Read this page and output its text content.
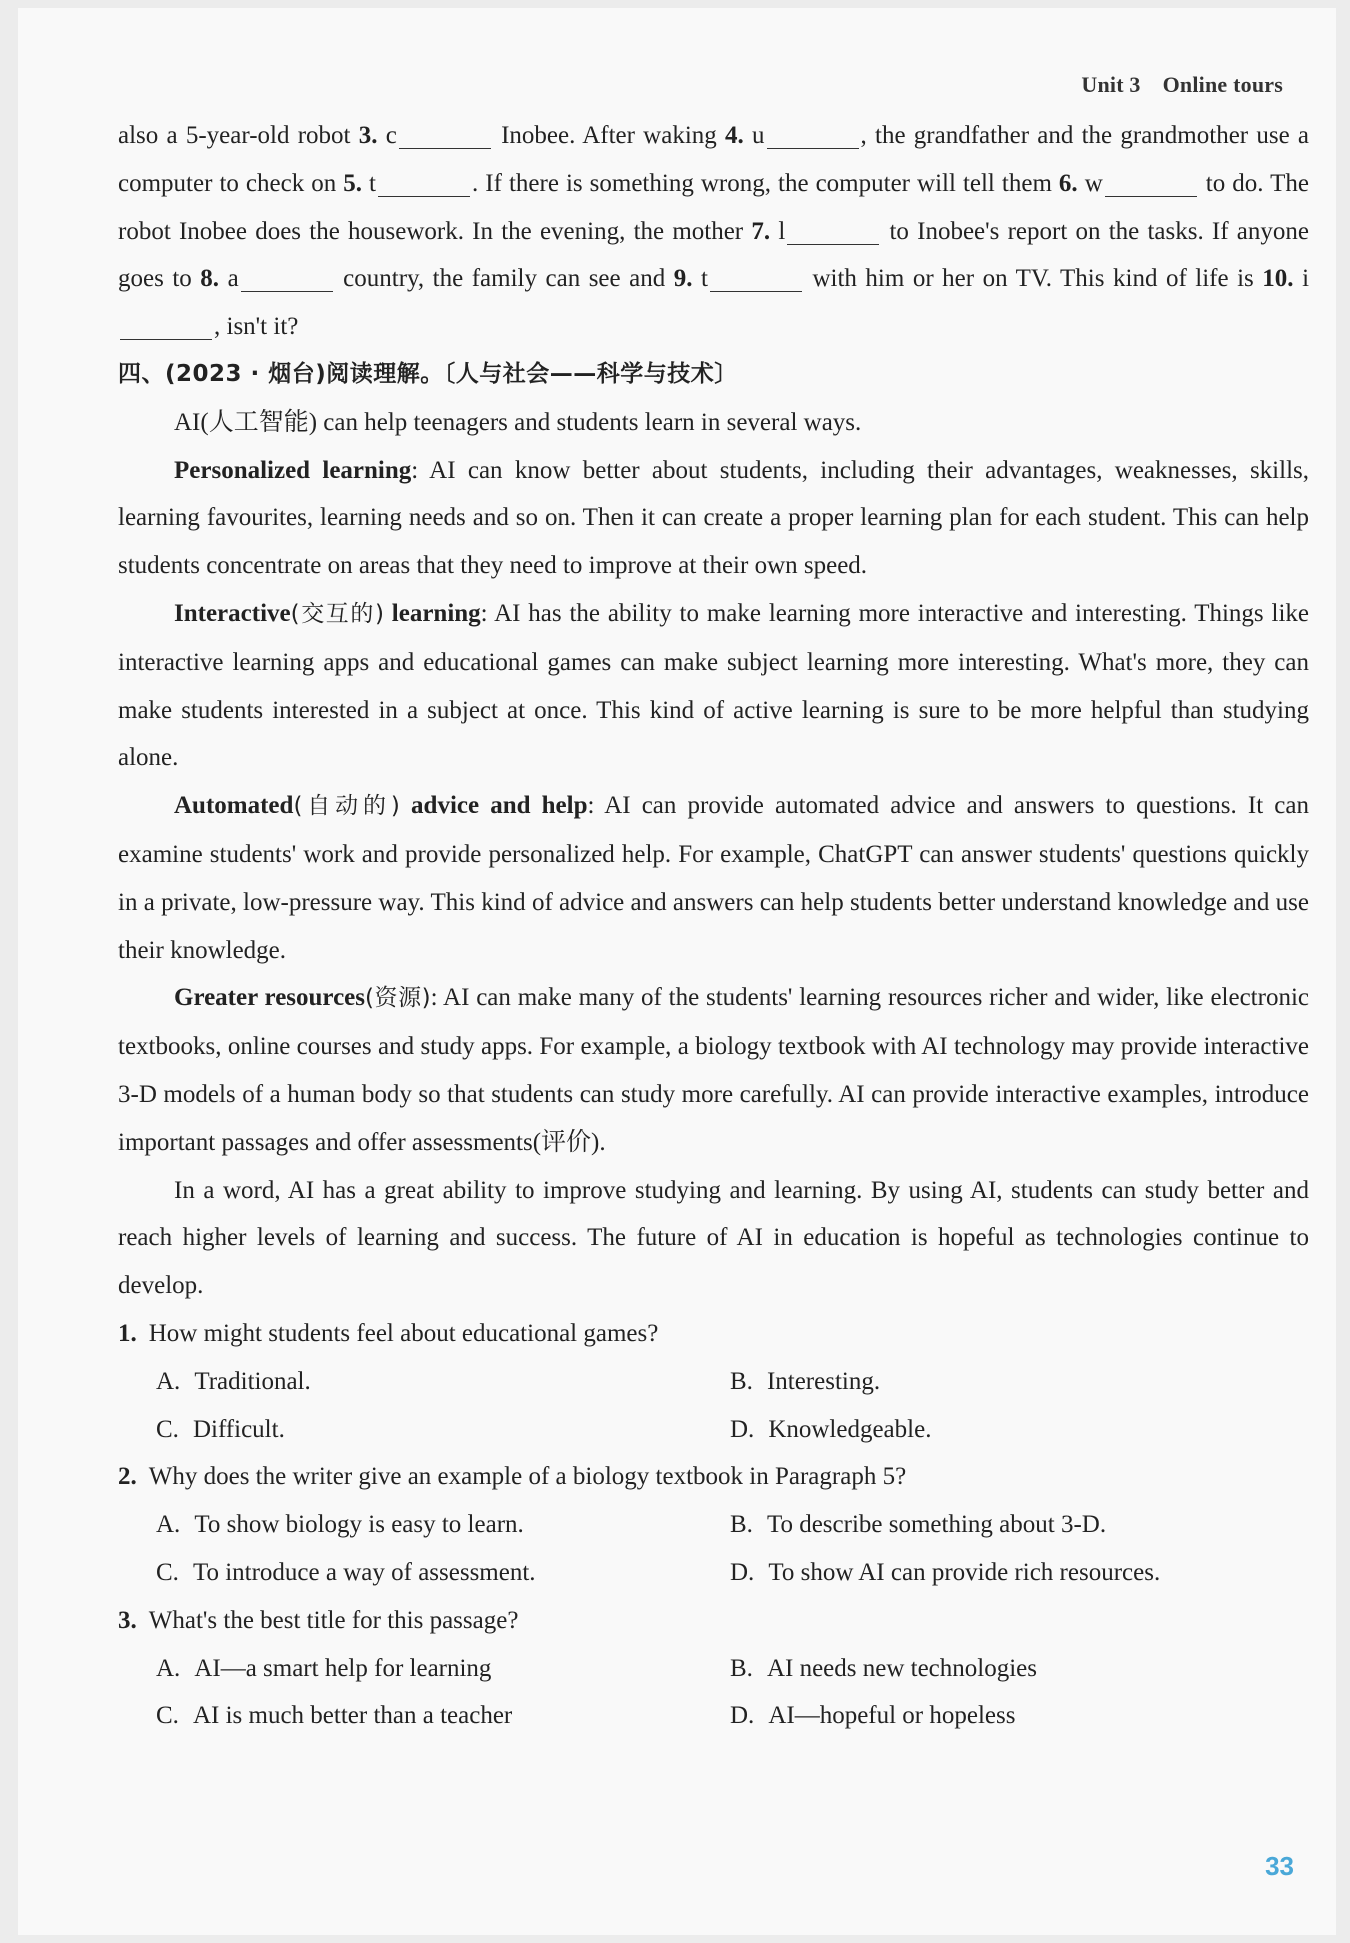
Unit 3 Online tours

also a 5-year-old robot 3. c	Inobee. After waking 4. u	, the grandfather and the grandmother use a computer to check on 5. t	. If there is something wrong, the computer will tell them 6. w	to do. The robot Inobee does the housework. In the evening, the mother 7. l	to Inobee's report on the tasks. If anyone goes to 8. a	country, the family can see and 9. t	with him or her on TV. This kind of life is 10. i, isn't it?

四、(2023 · 烟台)阅读理解。〔人与社会——科学与技术〕

AI(人工智能) can help teenagers and students learn in several ways.

Personalized learning: AI can know better about students, including their advantages, weaknesses, skills, learning favourites, learning needs and so on. Then it can create a proper learning plan for each student. This can help students concentrate on areas that they need to improve at their own speed.

Interactive(交互的) learning: AI has the ability to make learning more interactive and interesting. Things like interactive learning apps and educational games can make subject learning more interesting. What's more, they can make students interested in a subject at once. This kind of active learning is sure to be more helpful than studying alone.

Automated(自动的) advice and help: AI can provide automated advice and answers to questions. It can examine students' work and provide personalized help. For example, ChatGPT can answer students' questions quickly in a private, low-pressure way. This kind of advice and answers can help students better understand knowledge and use their knowledge.

Greater resources(资源): AI can make many of the students' learning resources richer and wider, like electronic textbooks, online courses and study apps. For example, a biology textbook with AI technology may provide interactive 3-D models of a human body so that students can study more carefully. AI can provide interactive examples, introduce important passages and offer assessments(评价).

In a word, AI has a great ability to improve studying and learning. By using AI, students can study better and reach higher levels of learning and success. The future of AI in education is hopeful as technologies continue to develop.

1. How might students feel about educational games?

A. Traditional.	B. Interesting.
C. Difficult.	D. Knowledgeable.

2. Why does the writer give an example of a biology textbook in Paragraph 5?

A. To show biology is easy to learn.	B. To describe something about 3-D.
C. To introduce a way of assessment.	D. To show AI can provide rich resources.

3. What's the best title for this passage?

A. AI—a smart help for learning	B. AI needs new technologies
C. AI is much better than a teacher	D. AI—hopeful or hopeless
33
